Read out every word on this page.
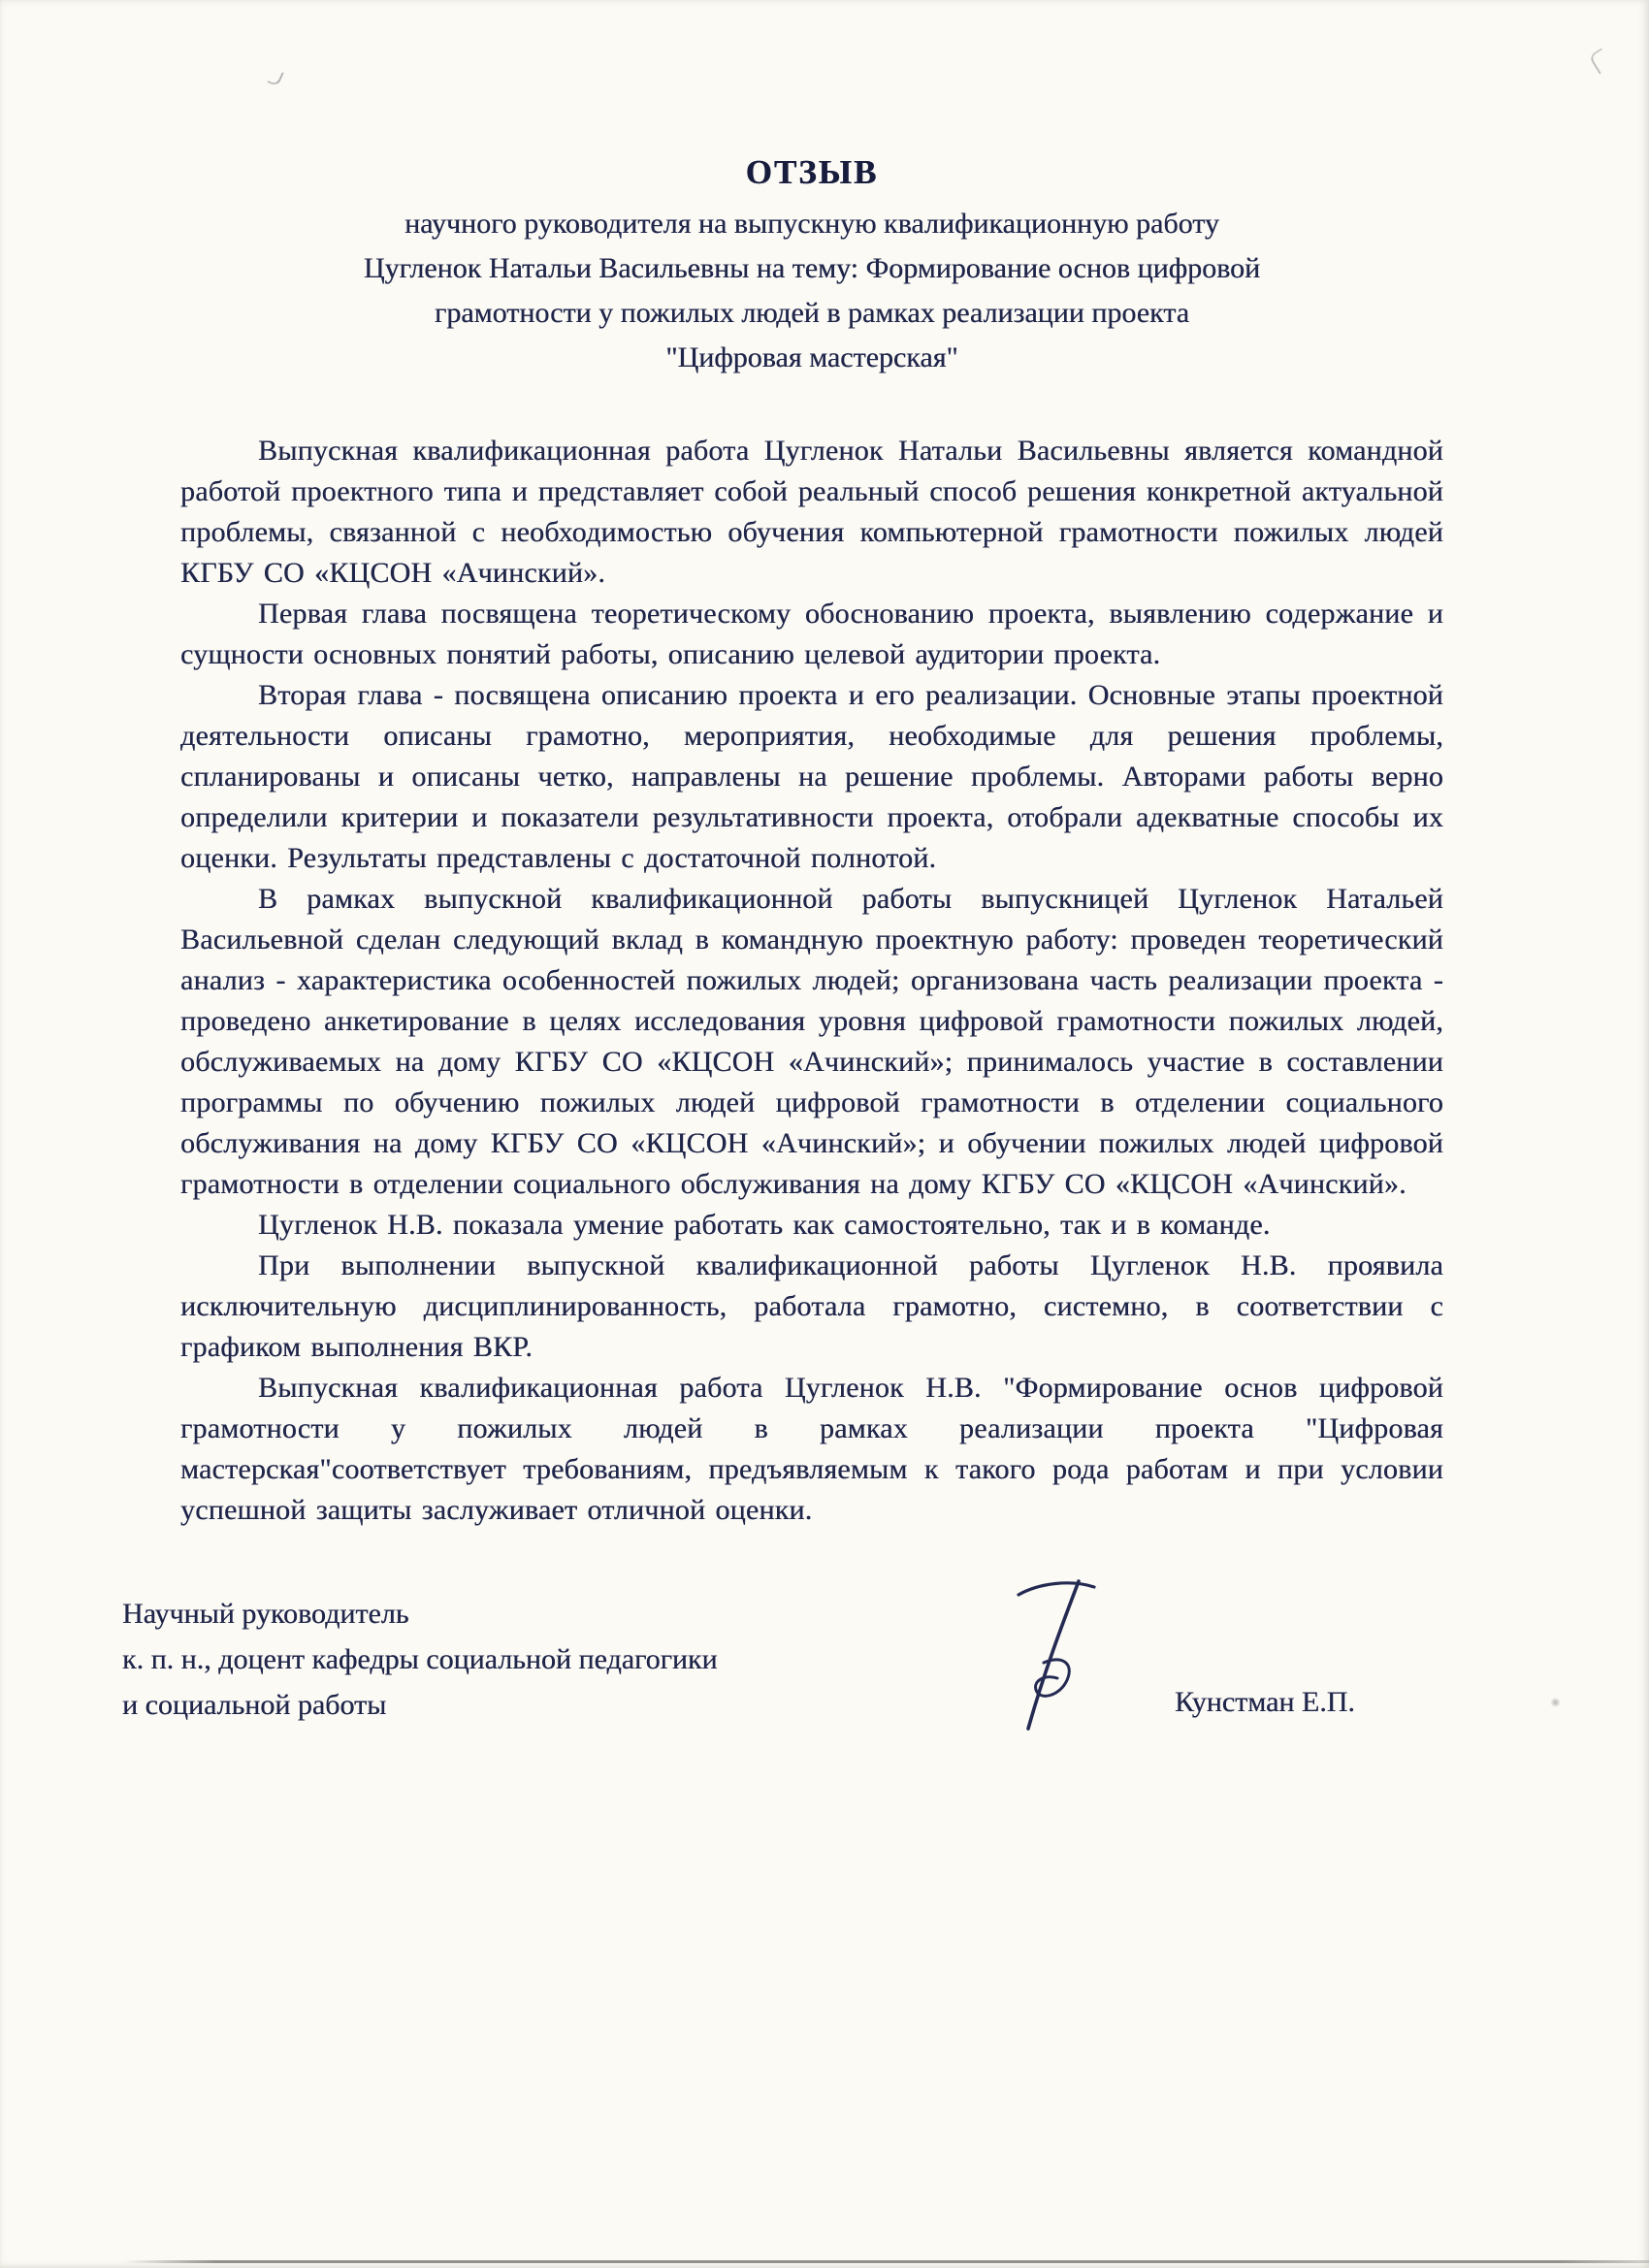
ОТЗЫВ
научного руководителя на выпускную квалификационную работу
Цугленок Натальи Васильевны на тему: Формирование основ цифровой
грамотности у пожилых людей в рамках реализации проекта
"Цифровая мастерская"

Выпускная квалификационная работа Цугленок Натальи Васильевны является командной работой проектного типа и представляет собой реальный способ решения конкретной актуальной проблемы, связанной с необходимостью обучения компьютерной грамотности пожилых людей КГБУ СО «КЦСОН «Ачинский».

Первая глава посвящена теоретическому обоснованию проекта, выявлению содержание и сущности основных понятий работы, описанию целевой аудитории проекта.

Вторая глава - посвящена описанию проекта и его реализации. Основные этапы проектной деятельности описаны грамотно, мероприятия, необходимые для решения проблемы, спланированы и описаны четко, направлены на решение проблемы. Авторами работы верно определили критерии и показатели результативности проекта, отобрали адекватные способы их оценки. Результаты представлены с достаточной полнотой.

В рамках выпускной квалификационной работы выпускницей Цугленок Натальей Васильевной сделан следующий вклад в командную проектную работу: проведен теоретический анализ - характеристика особенностей пожилых людей; организована часть реализации проекта - проведено анкетирование в целях исследования уровня цифровой грамотности пожилых людей, обслуживаемых на дому КГБУ СО «КЦСОН «Ачинский»; принималось участие в составлении программы по обучению пожилых людей цифровой грамотности в отделении социального обслуживания на дому КГБУ СО «КЦСОН «Ачинский»; и обучении пожилых людей цифровой грамотности в отделении социального обслуживания на дому КГБУ СО «КЦСОН «Ачинский».

Цугленок Н.В. показала умение работать как самостоятельно, так и в команде.

При выполнении выпускной квалификационной работы Цугленок Н.В. проявила исключительную дисциплинированность, работала грамотно, системно, в соответствии с графиком выполнения ВКР.

Выпускная квалификационная работа Цугленок Н.В. "Формирование основ цифровой грамотности у пожилых людей в рамках реализации проекта "Цифровая мастерская"соответствует требованиям, предъявляемым к такого рода работам и при условии успешной защиты заслуживает отличной оценки.

Научный руководитель
к. п. н., доцент кафедры социальной педагогики
и социальной работы	Кунстман Е.П.
